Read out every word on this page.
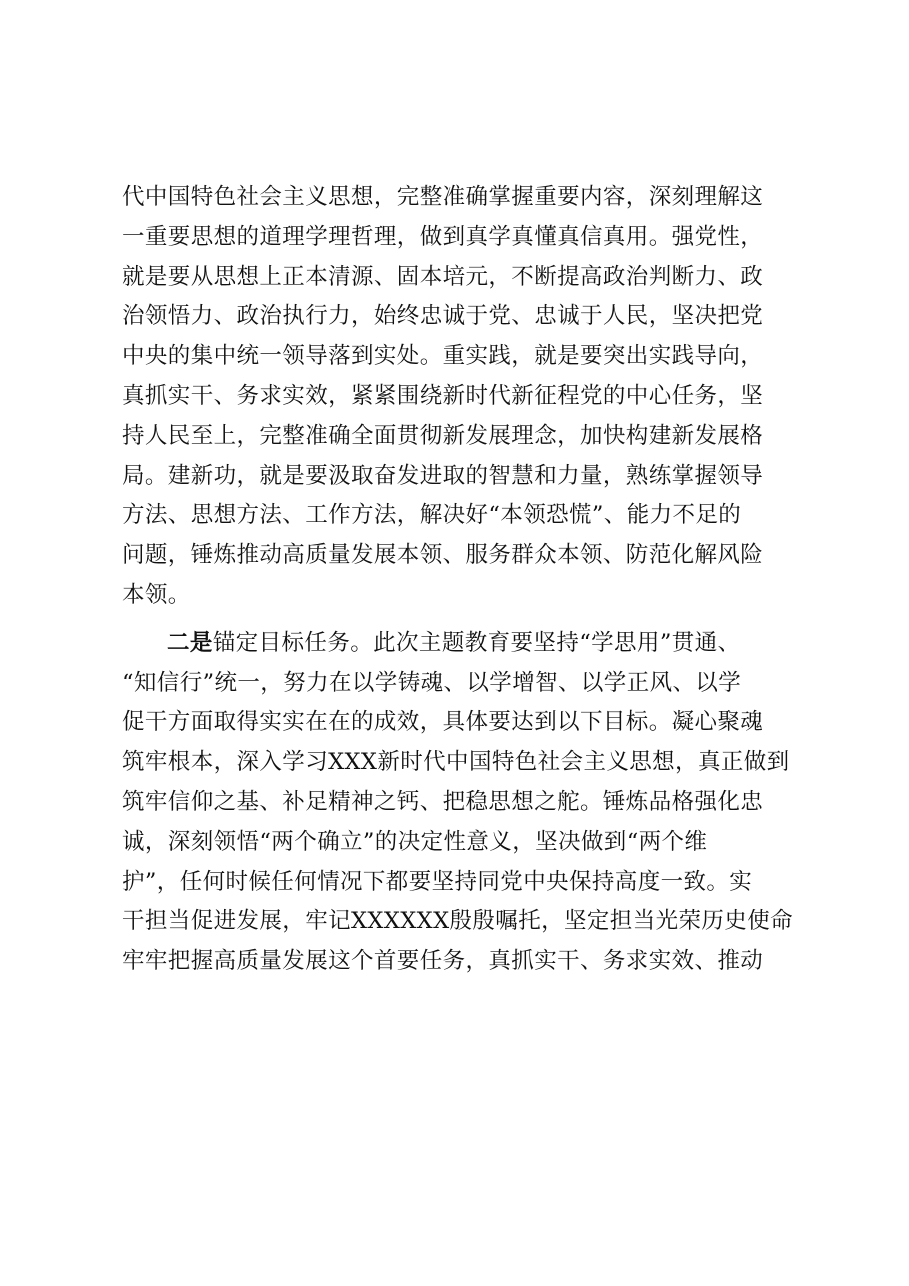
代中国特色社会主义思想，完整准确掌握重要内容，深刻理解这
一重要思想的道理学理哲理，做到真学真懂真信真用。强党性，
就是要从思想上正本清源、固本培元，不断提高政治判断力、政
治领悟力、政治执行力，始终忠诚于党、忠诚于人民，坚决把党
中央的集中统一领导落到实处。重实践，就是要突出实践导向，
真抓实干、务求实效，紧紧围绕新时代新征程党的中心任务，坚
持人民至上，完整准确全面贯彻新发展理念，加快构建新发展格
局。建新功，就是要汲取奋发进取的智慧和力量，熟练掌握领导
方法、思想方法、工作方法，解决好“本领恐慌”、能力不足的
问题，锤炼推动高质量发展本领、服务群众本领、防范化解风险
本领。
二是锚定目标任务。此次主题教育要坚持“学思用”贯通、
“知信行”统一，努力在以学铸魂、以学增智、以学正风、以学
促干方面取得实实在在的成效，具体要达到以下目标。凝心聚魂
筑牢根本，深入学习XXX新时代中国特色社会主义思想，真正做到
筑牢信仰之基、补足精神之钙、把稳思想之舵。锤炼品格强化忠
诚，深刻领悟“两个确立”的决定性意义，坚决做到“两个维
护”，任何时候任何情况下都要坚持同党中央保持高度一致。实
干担当促进发展，牢记XXXXXX殷殷嘱托，坚定担当光荣历史使命
牢牢把握高质量发展这个首要任务，真抓实干、务求实效、推动
